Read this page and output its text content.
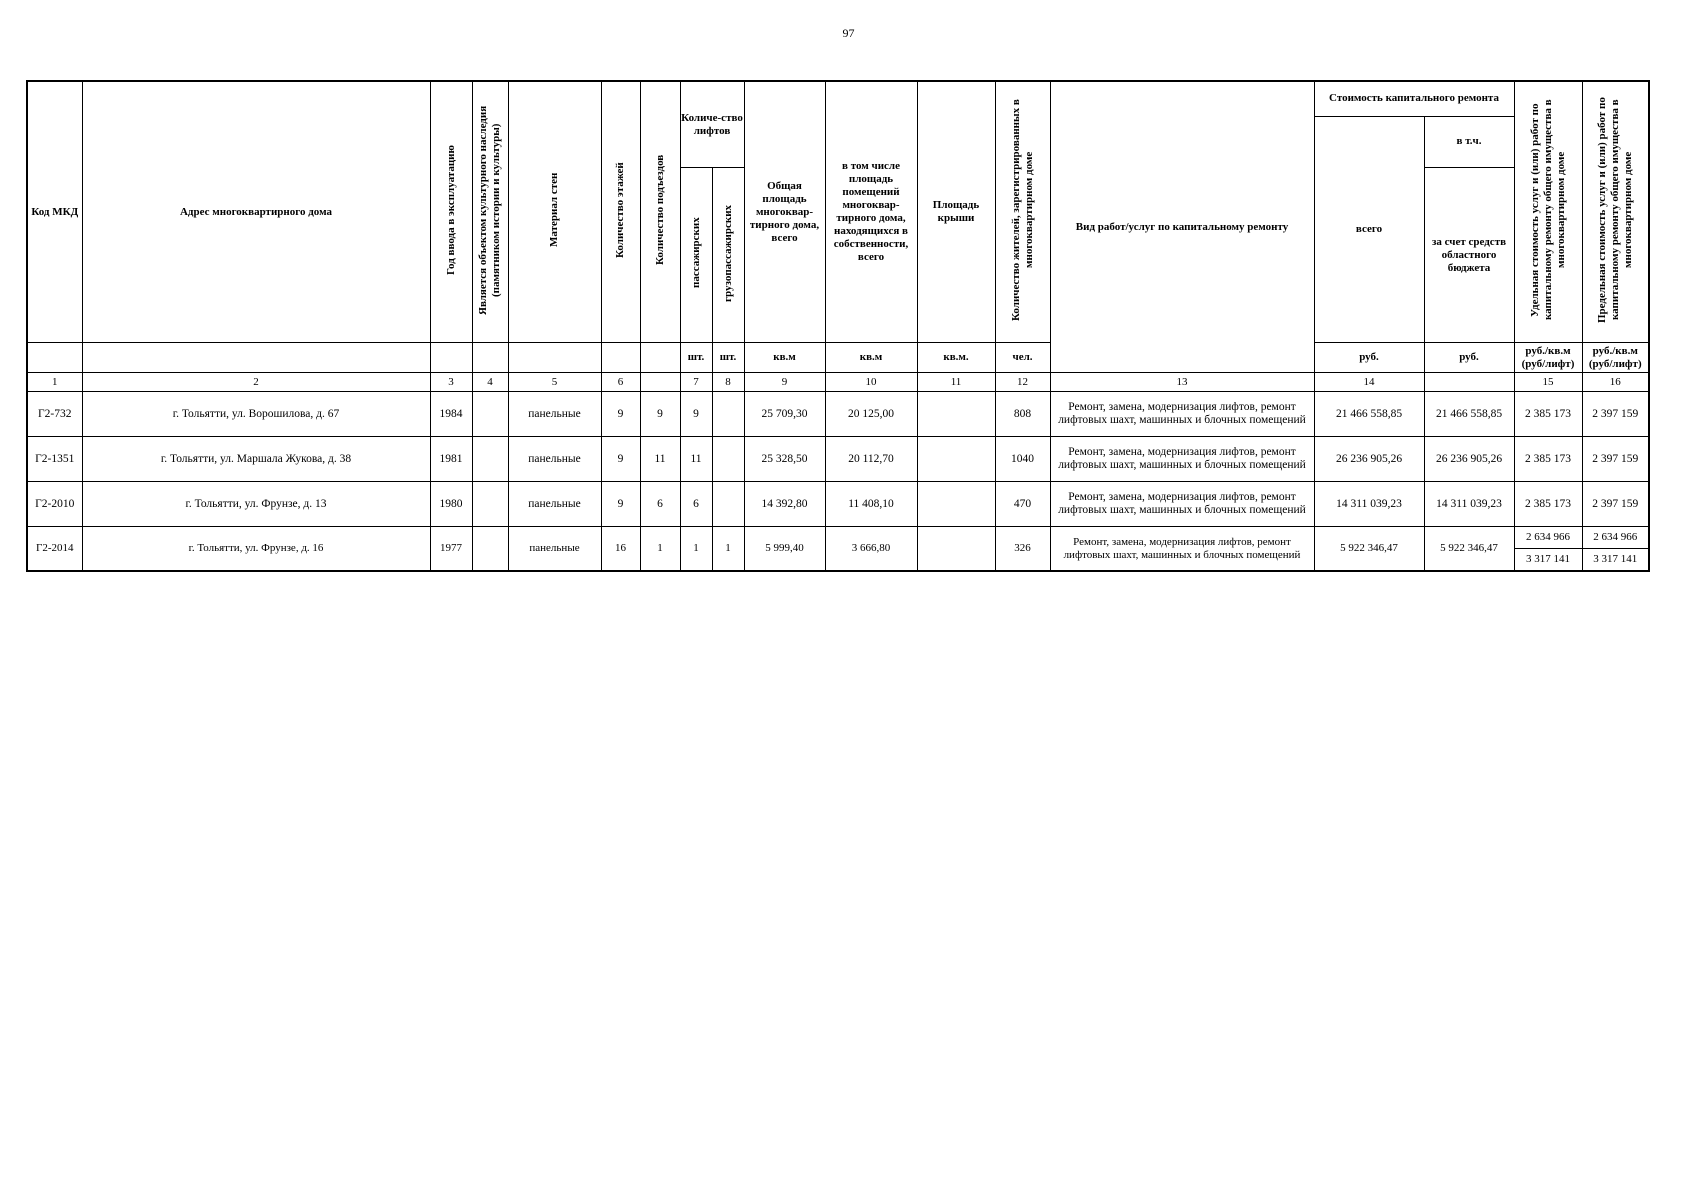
97
Код МКД	Адрес многоквартирного дома	Год ввода в эксплуатацию	Является объектом культурного наследия (памятником истории и культуры)	Материал стен	Количество этажей	Количество подъездов	Количе-ство лифтов		Общая площадь многоквар-тирного дома, всего	в том числе площадь помещений многоквар-тирного дома, находящихся в собственности, всего	Площадь крыши	Количество жителей, зарегистрированных в многоквартирном доме	Вид работ/услуг по капитальному ремонту	Стоимость капитального ремонта		Удельная стоимость услуг и (или) работ по капитальному ремонту общего имущества в многоквартирном доме	Предельная стоимость услуг и (или) работ по капитальному ремонту общего имущества в многоквартирном доме
														всего	в т.ч.		
							пассажирских	грузопассажирских							за счет средств областного бюджета		
							шт.	шт.	кв.м	кв.м	кв.м.	чел.		руб.	руб.	руб./кв.м (руб/лифт)	руб./кв.м (руб/лифт)
1	2	3	4	5	6		7	8	9	10	11	12	13	14		15	16
Г2-732	г. Тольятти, ул. Ворошилова, д. 67	1984		панельные	9	9	9		25 709,30	20 125,00		808	Ремонт, замена, модернизация лифтов, ремонт лифтовых шахт, машинных и блочных помещений	21 466 558,85	21 466 558,85	2 385 173	2 397 159
Г2-1351	г. Тольятти, ул. Маршала Жукова, д. 38	1981		панельные	9	11	11		25 328,50	20 112,70		1040	Ремонт, замена, модернизация лифтов, ремонт лифтовых шахт, машинных и блочных помещений	26 236 905,26	26 236 905,26	2 385 173	2 397 159
Г2-2010	г. Тольятти, ул. Фрунзе, д. 13	1980		панельные	9	6	6		14 392,80	11 408,10		470	Ремонт, замена, модернизация лифтов, ремонт лифтовых шахт, машинных и блочных помещений	14 311 039,23	14 311 039,23	2 385 173	2 397 159
Г2-2014	г. Тольятти, ул. Фрунзе, д. 16	1977		панельные	16	1	1	1	5 999,40	3 666,80		326	Ремонт, замена, модернизация лифтов, ремонт лифтовых шахт, машинных и блочных помещений	5 922 346,47	5 922 346,47	2 634 966	2 634 966
																3 317 141	3 317 141
